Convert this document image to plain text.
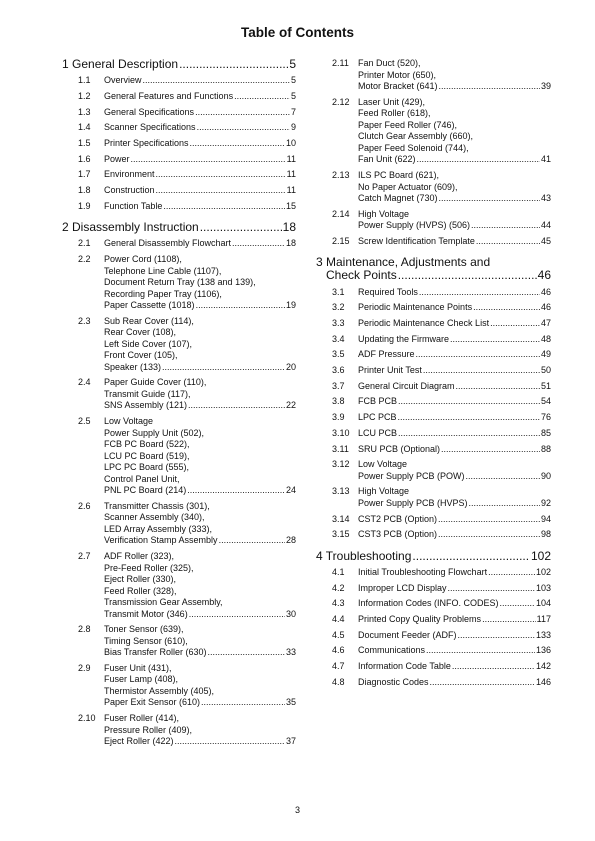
Table of Contents
1 General Description .....	5
1.1	Overview .....	5
1.2	General Features and Functions .....	5
1.3	General Specifications .....	7
1.4	Scanner Specifications .....	9
1.5	Printer Specifications .....	10
1.6	Power .....	11
1.7	Environment .....	11
1.8	Construction .....	11
1.9	Function Table .....	15
2 Disassembly Instruction .....	18
2.1	General Disassembly Flowchart .....	18
2.2	Power Cord (1108),
Telephone Line Cable (1107),
Document Return Tray (138 and 139),
Recording Paper Tray (1106),
Paper Cassette (1018) .....	19
2.3	Sub Rear Cover (114),
Rear Cover (108),
Left Side Cover (107),
Front Cover (105),
Speaker (133) .....	20
2.4	Paper Guide Cover (110),
Transmit Guide (117),
SNS Assembly (121) .....	22
2.5	Low Voltage
Power Supply Unit (502),
FCB PC Board (522),
LCU PC Board (519),
LPC PC Board (555),
Control Panel Unit,
PNL PC Board (214) .....	24
2.6	Transmitter Chassis (301),
Scanner Assembly (340),
LED Array Assembly (333),
Verification Stamp Assembly .....	28
2.7	ADF Roller (323),
Pre-Feed Roller (325),
Eject Roller (330),
Feed Roller (328),
Transmission Gear Assembly,
Transmit Motor (346) .....	30
2.8	Toner Sensor (639),
Timing Sensor (610),
Bias Transfer Roller (630) .....	33
2.9	Fuser Unit (431),
Fuser Lamp (408),
Thermistor Assembly (405),
Paper Exit Sensor (610) .....	35
2.10 Fuser Roller (414),
Pressure Roller (409),
Eject Roller (422) .....	37
2.11	Fan Duct (520),
Printer Motor (650),
Motor Bracket (641) .....	39
2.12 Laser Unit (429),
Feed Roller (618),
Paper Feed Roller (746),
Clutch Gear Assembly (660),
Paper Feed Solenoid (744),
Fan Unit (622) .....	41
2.13 ILS PC Board (621),
No Paper Actuator (609),
Catch Magnet (730) .....	43
2.14 High Voltage
Power Supply (HVPS) (506) .....	44
2.15 Screw Identification Template .....	45
3 Maintenance, Adjustments and
Check Points .....	46
3.1	Required Tools .....	46
3.2	Periodic Maintenance Points .....	46
3.3	Periodic Maintenance Check List .....	47
3.4	Updating the Firmware .....	48
3.5	ADF Pressure .....	49
3.6	Printer Unit Test .....	50
3.7	General Circuit Diagram .....	51
3.8	FCB PCB .....	54
3.9	LPC PCB .....	76
3.10 LCU PCB .....	85
3.11	SRU PCB (Optional) .....	88
3.12 Low Voltage
Power Supply PCB (POW) .....	90
3.13 High Voltage
Power Supply PCB (HVPS) .....	92
3.14 CST2 PCB (Option) .....	94
3.15 CST3 PCB (Option) .....	98
4 Troubleshooting .....	102
4.1	Initial Troubleshooting Flowchart .....	102
4.2	Improper LCD Display .....	103
4.3	Information Codes (INFO. CODES) .....	104
4.4	Printed Copy Quality Problems .....	117
4.5	Document Feeder (ADF) .....	133
4.6	Communications .....	136
4.7	Information Code Table .....	142
4.8	Diagnostic Codes .....	146
3
